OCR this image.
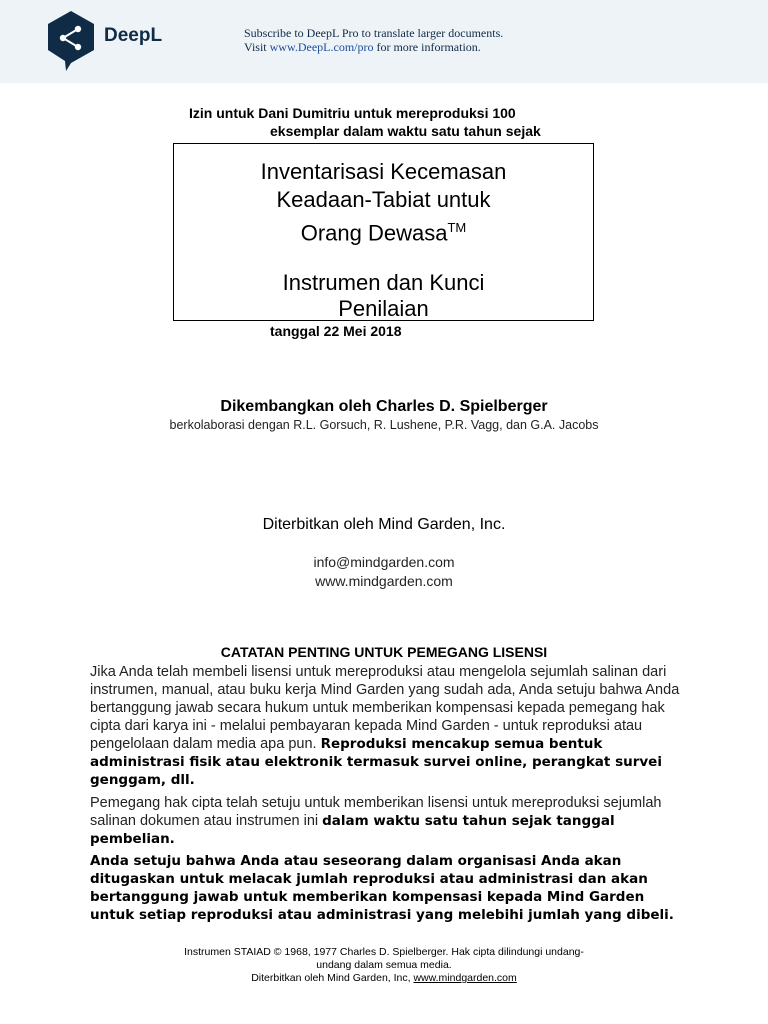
DeepL	Subscribe to DeepL Pro to translate larger documents.
Visit www.DeepL.com/pro for more information.
Izin untuk Dani Dumitriu untuk mereproduksi 100
eksemplar dalam waktu satu tahun sejak
Inventarisasi Kecemasan
Keadaan-Tabiat untuk
Orang Dewasa™
Instrumen dan Kunci
Penilaian
tanggal 22 Mei 2018
Dikembangkan oleh Charles D. Spielberger
berkolaborasi dengan R.L. Gorsuch, R. Lushene, P.R. Vagg, dan G.A. Jacobs
Diterbitkan oleh Mind Garden, Inc.
info@mindgarden.com
www.mindgarden.com
CATATAN PENTING UNTUK PEMEGANG LISENSI
Jika Anda telah membeli lisensi untuk mereproduksi atau mengelola sejumlah salinan dari instrumen, manual, atau buku kerja Mind Garden yang sudah ada, Anda setuju bahwa Anda bertanggung jawab secara hukum untuk memberikan kompensasi kepada pemegang hak cipta dari karya ini - melalui pembayaran kepada Mind Garden - untuk reproduksi atau pengelolaan dalam media apa pun. Reproduksi mencakup semua bentuk administrasi fisik atau elektronik termasuk survei online, perangkat survei genggam, dll.
Pemegang hak cipta telah setuju untuk memberikan lisensi untuk mereproduksi sejumlah salinan dokumen atau instrumen ini dalam waktu satu tahun sejak tanggal pembelian.
Anda setuju bahwa Anda atau seseorang dalam organisasi Anda akan ditugaskan untuk melacak jumlah reproduksi atau administrasi dan akan bertanggung jawab untuk memberikan kompensasi kepada Mind Garden untuk setiap reproduksi atau administrasi yang melebihi jumlah yang dibeli.
Instrumen STAIAD © 1968, 1977 Charles D. Spielberger. Hak cipta dilindungi undang-
undang dalam semua media.
Diterbitkan oleh Mind Garden, Inc, www.mindgarden.com
